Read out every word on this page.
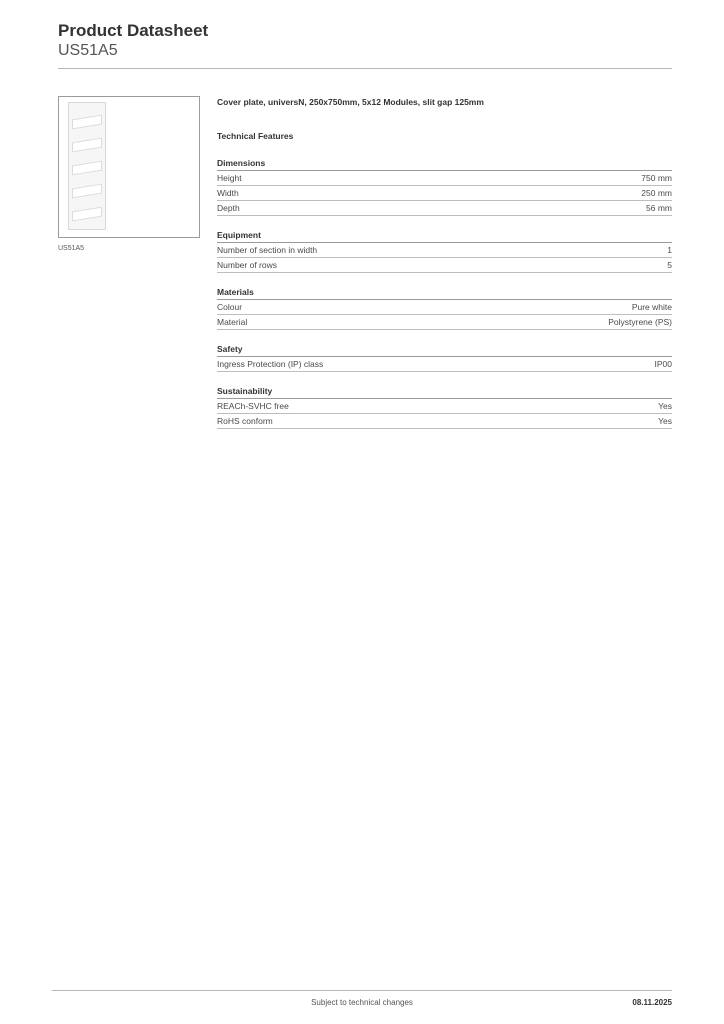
Product Datasheet
US51A5
US51A5
Cover plate, universN, 250x750mm, 5x12 Modules, slit gap 125mm
Technical Features
Dimensions
Height	750 mm
Width	250 mm
Depth	56 mm
Equipment
Number of section in width	1
Number of rows	5
Materials
Colour	Pure white
Material	Polystyrene (PS)
Safety
Ingress Protection (IP) class	IP00
Sustainability
REACh-SVHC free	Yes
RoHS conform	Yes
Subject to technical changes	08.11.2025
